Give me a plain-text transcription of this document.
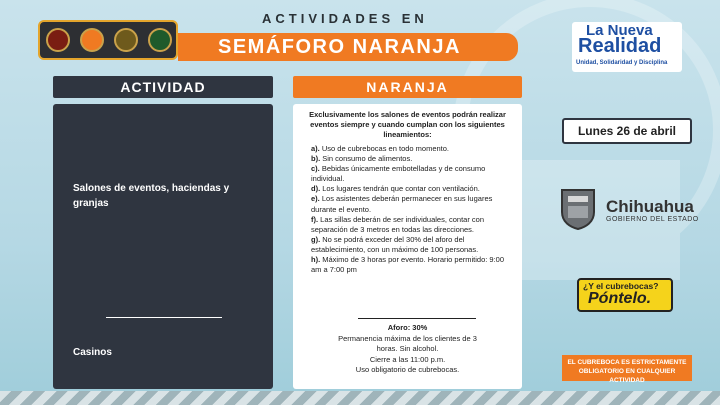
ACTIVIDADES EN
SEMÁFORO NARANJA
La Nueva
Realidad
Unidad, Solidaridad y Disciplina
ACTIVIDAD	NARANJA
Salones de eventos, haciendas y granjas
Casinos
Exclusivamente los salones de eventos podrán realizar eventos siempre y cuando cumplan con los siguientes lineamientos:
a). Uso de cubrebocas en todo momento.
b). Sin consumo de alimentos.
c). Bebidas únicamente embotelladas y de consumo individual.
d). Los lugares tendrán que contar con ventilación.
e). Los asistentes deberán permanecer en sus lugares durante el evento.
f). Las sillas deberán de ser individuales, contar con separación de 3 metros en todas las direcciones.
g). No se podrá exceder del 30% del aforo del establecimiento, con un máximo de 100 personas.
h). Máximo de 3 horas por evento. Horario permitido: 9:00 am a 7:00 pm
Aforo: 30%
Permanencia máxima de los clientes de 3 horas. Sin alcohol.
Cierre a las 11:00 p.m.
Uso obligatorio de cubrebocas.
Lunes 26 de abril
Chihuahua
GOBIERNO DEL ESTADO
¿Y el cubrebocas?
Póntelo.
EL CUBREBOCA ES ESTRICTAMENTE OBLIGATORIO EN CUALQUIER ACTIVIDAD
